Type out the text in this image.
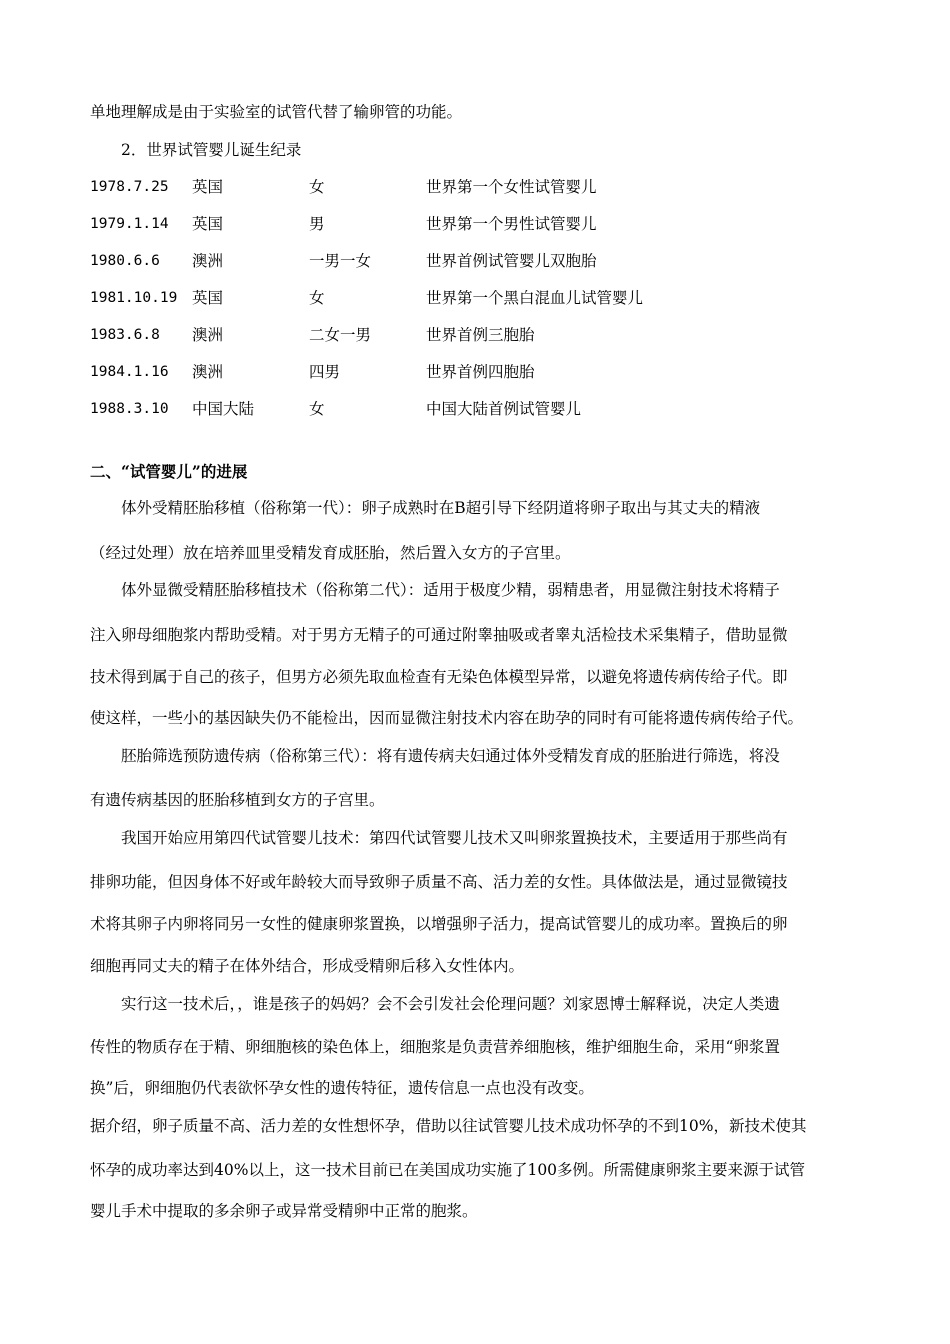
单地理解成是由于实验室的试管代替了输卵管的功能。
2．世界试管婴儿诞生纪录
1978.7.25 英国	女	世界第一个女性试管婴儿
1979.1.14 英国	男	世界第一个男性试管婴儿
1980.6.6 澳洲	一男一女	世界首例试管婴儿双胞胎
1981.10.19 英国	女	世界第一个黑白混血儿试管婴儿
1983.6.8 澳洲	二女一男	世界首例三胞胎
1984.1.16 澳洲	四男	世界首例四胞胎
1988.3.10 中国大陆	女	中国大陆首例试管婴儿
二、“试管婴儿”的进展
体外受精胚胎移植（俗称第一代）：卵子成熟时在B超引导下经阴道将卵子取出与其丈夫的精液
（经过处理）放在培养皿里受精发育成胚胎，然后置入女方的子宫里。
体外显微受精胚胎移植技术（俗称第二代）：适用于极度少精，弱精患者，用显微注射技术将精子
注入卵母细胞浆内帮助受精。对于男方无精子的可通过附睾抽吸或者睾丸活检技术采集精子，借助显微
技术得到属于自己的孩子，但男方必须先取血检查有无染色体模型异常，以避免将遗传病传给子代。即
使这样，一些小的基因缺失仍不能检出，因而显微注射技术内容在助孕的同时有可能将遗传病传给子代。
胚胎筛选预防遗传病（俗称第三代）：将有遗传病夫妇通过体外受精发育成的胚胎进行筛选，将没
有遗传病基因的胚胎移植到女方的子宫里。
我国开始应用第四代试管婴儿技术：第四代试管婴儿技术又叫卵浆置换技术，主要适用于那些尚有
排卵功能，但因身体不好或年龄较大而导致卵子质量不高、活力差的女性。具体做法是，通过显微镜技
术将其卵子内卵将同另一女性的健康卵浆置换，以增强卵子活力，提高试管婴儿的成功率。置换后的卵
细胞再同丈夫的精子在体外结合，形成受精卵后移入女性体内。
实行这一技术后，，谁是孩子的妈妈？会不会引发社会伦理问题？刘家恩博士解释说，决定人类遗
传性的物质存在于精、卵细胞核的染色体上，细胞浆是负责营养细胞核，维护细胞生命，采用“卵浆置
换”后，卵细胞仍代表欲怀孕女性的遗传特征，遗传信息一点也没有改变。
据介绍，卵子质量不高、活力差的女性想怀孕，借助以往试管婴儿技术成功怀孕的不到10%，新技术使其
怀孕的成功率达到40%以上，这一技术目前已在美国成功实施了100多例。所需健康卵浆主要来源于试管
婴儿手术中提取的多余卵子或异常受精卵中正常的胞浆。
